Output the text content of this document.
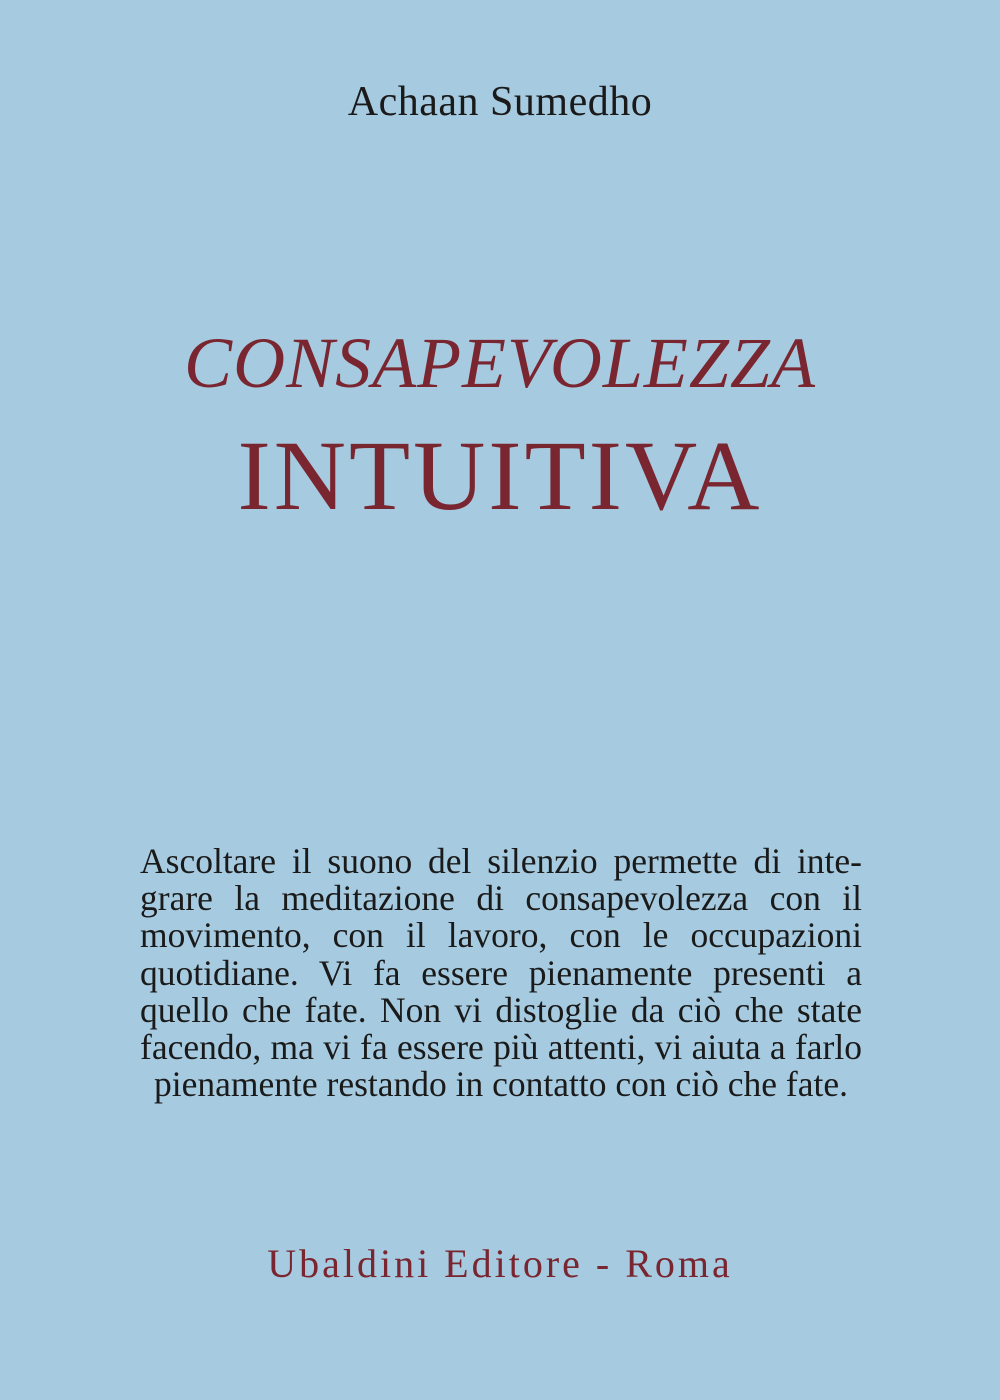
Achaan Sumedho
CONSAPEVOLEZZA
INTUITIVA
Ascoltare il suono del silenzio permette di inte-
grare la meditazione di consapevolezza con il
movimento, con il lavoro, con le occupazioni
quotidiane. Vi fa essere pienamente presenti a
quello che fate. Non vi distoglie da ciò che state
facendo, ma vi fa essere più attenti, vi aiuta a farlo
pienamente restando in contatto con ciò che fate.
Ubaldini Editore - Roma
